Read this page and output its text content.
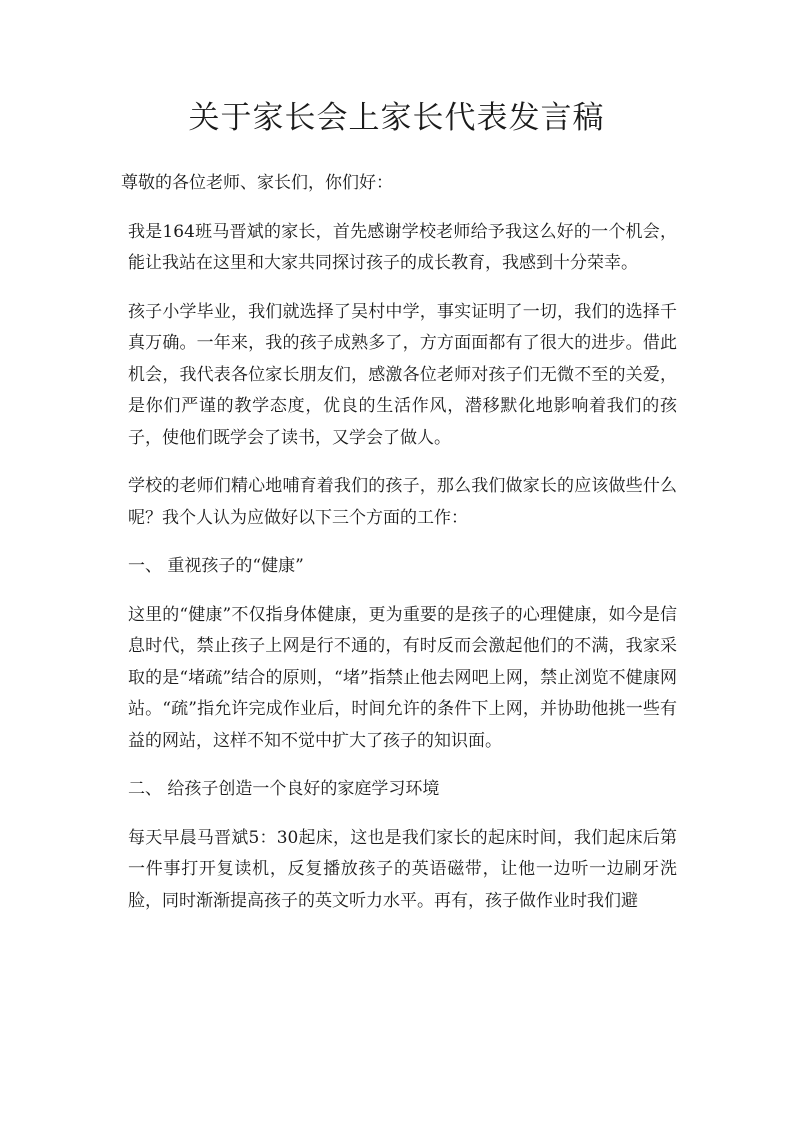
关于家长会上家长代表发言稿

尊敬的各位老师、家长们，你们好：

我是164班马晋斌的家长，首先感谢学校老师给予我这么好的一个机会，能让我站在这里和大家共同探讨孩子的成长教育，我感到十分荣幸。

孩子小学毕业，我们就选择了吴村中学，事实证明了一切，我们的选择千真万确。一年来，我的孩子成熟多了，方方面面都有了很大的进步。借此机会，我代表各位家长朋友们，感激各位老师对孩子们无微不至的关爱，是你们严谨的教学态度，优良的生活作风，潜移默化地影响着我们的孩子，使他们既学会了读书，又学会了做人。

学校的老师们精心地哺育着我们的孩子，那么我们做家长的应该做些什么呢？我个人认为应做好以下三个方面的工作：

一、 重视孩子的“健康”

这里的“健康”不仅指身体健康，更为重要的是孩子的心理健康，如今是信息时代，禁止孩子上网是行不通的，有时反而会激起他们的不满，我家采取的是“堵疏”结合的原则，“堵”指禁止他去网吧上网，禁止浏览不健康网站。“疏”指允许完成作业后，时间允许的条件下上网，并协助他挑一些有益的网站，这样不知不觉中扩大了孩子的知识面。

二、 给孩子创造一个良好的家庭学习环境

每天早晨马晋斌5：30起床，这也是我们家长的起床时间，我们起床后第一件事打开复读机，反复播放孩子的英语磁带，让他一边听一边刷牙洗脸，同时渐渐提高孩子的英文听力水平。再有，孩子做作业时我们避
